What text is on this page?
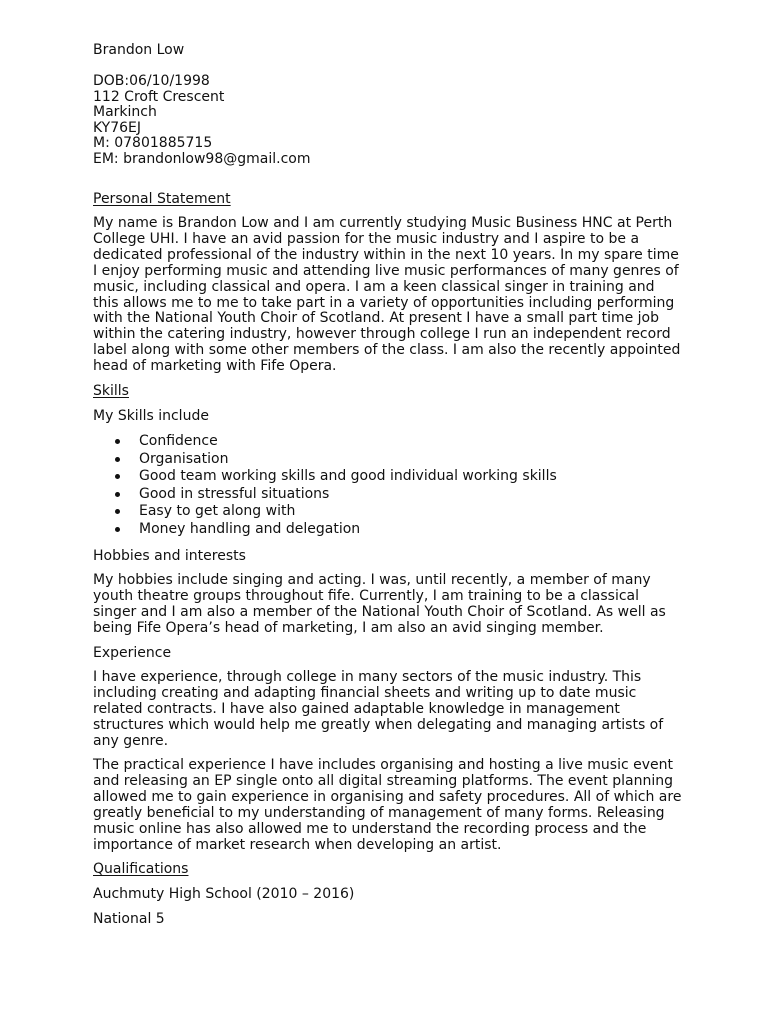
Brandon Low
DOB:06/10/1998
112 Croft Crescent
Markinch
KY76EJ
M: 07801885715
EM: brandonlow98@gmail.com
Personal Statement
My name is Brandon Low and I am currently studying Music Business HNC at Perth College UHI. I have an avid passion for the music industry and I aspire to be a dedicated professional of the industry within in the next 10 years. In my spare time I enjoy performing music and attending live music performances of many genres of music, including classical and opera. I am a keen classical singer in training and this allows me to me to take part in a variety of opportunities including performing with the National Youth Choir of Scotland. At present I have a small part time job within the catering industry, however through college I run an independent record label along with some other members of the class. I am also the recently appointed head of marketing with Fife Opera.
Skills
My Skills include
Confidence
Organisation
Good team working skills and good individual working skills
Good in stressful situations
Easy to get along with
Money handling and delegation
Hobbies and interests
My hobbies include singing and acting. I was, until recently, a member of many youth theatre groups throughout fife. Currently, I am training to be a classical singer and I am also a member of the National Youth Choir of Scotland. As well as being Fife Opera’s head of marketing, I am also an avid singing member.
Experience
I have experience, through college in many sectors of the music industry. This including creating and adapting financial sheets and writing up to date music related contracts. I have also gained adaptable knowledge in management structures which would help me greatly when delegating and managing artists of any genre.
The practical experience I have includes organising and hosting a live music event and releasing an EP single onto all digital streaming platforms. The event planning allowed me to gain experience in organising and safety procedures. All of which are greatly beneficial to my understanding of management of many forms. Releasing music online has also allowed me to understand the recording process and the importance of market research when developing an artist.
Qualifications
Auchmuty High School (2010 – 2016)
National 5
